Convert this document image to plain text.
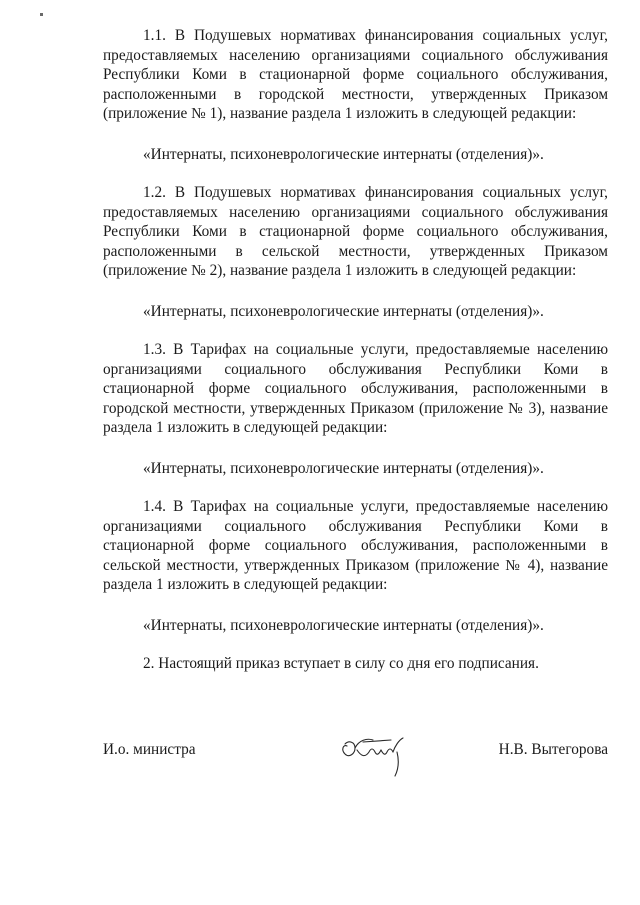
1.1. В Подушевых нормативах финансирования социальных услуг, предоставляемых населению организациями социального обслуживания Республики Коми в стационарной форме социального обслуживания, расположенными в городской местности, утвержденных Приказом (приложение № 1), название раздела 1 изложить в следующей редакции:

«Интернаты, психоневрологические интернаты (отделения)».

1.2. В Подушевых нормативах финансирования социальных услуг, предоставляемых населению организациями социального обслуживания Республики Коми в стационарной форме социального обслуживания, расположенными в сельской местности, утвержденных Приказом (приложение № 2), название раздела 1 изложить в следующей редакции:

«Интернаты, психоневрологические интернаты (отделения)».

1.3. В Тарифах на социальные услуги, предоставляемые населению организациями социального обслуживания Республики Коми в стационарной форме социального обслуживания, расположенными в городской местности, утвержденных Приказом (приложение № 3), название раздела 1 изложить в следующей редакции:

«Интернаты, психоневрологические интернаты (отделения)».

1.4. В Тарифах на социальные услуги, предоставляемые населению организациями социального обслуживания Республики Коми в стационарной форме социального обслуживания, расположенными в сельской местности, утвержденных Приказом (приложение № 4), название раздела 1 изложить в следующей редакции:

«Интернаты, психоневрологические интернаты (отделения)».

2. Настоящий приказ вступает в силу со дня его подписания.

И.о. министра	Н.В. Вытегорова
